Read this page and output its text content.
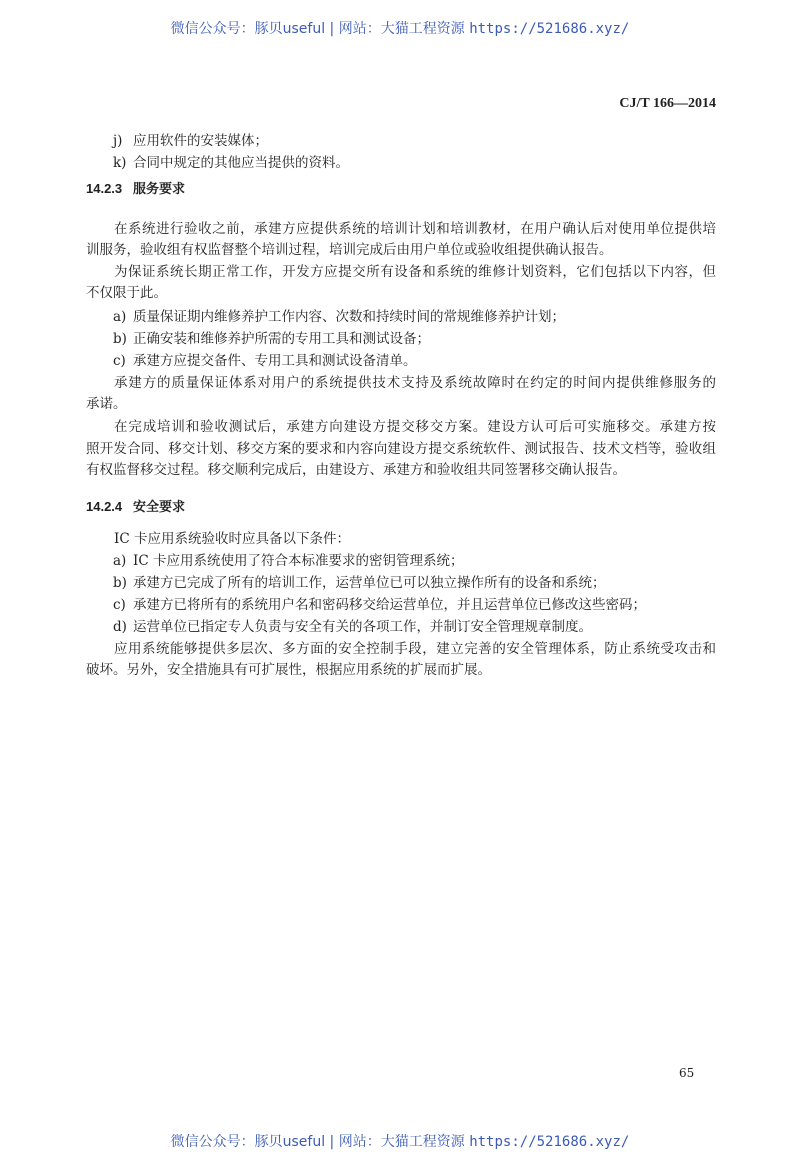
微信公众号：豚贝useful | 网站：大猫工程资源 https://521686.xyz/
CJ/T 166—2014
j) 应用软件的安装媒体；
k) 合同中规定的其他应当提供的资料。
14.2.3 服务要求
在系统进行验收之前，承建方应提供系统的培训计划和培训教材，在用户确认后对使用单位提供培
训服务，验收组有权监督整个培训过程，培训完成后由用户单位或验收组提供确认报告。
为保证系统长期正常工作，开发方应提交所有设备和系统的维修计划资料，它们包括以下内容，但
不仅限于此。
a) 质量保证期内维修养护工作内容、次数和持续时间的常规维修养护计划；
b) 正确安装和维修养护所需的专用工具和测试设备；
c) 承建方应提交备件、专用工具和测试设备清单。
承建方的质量保证体系对用户的系统提供技术支持及系统故障时在约定的时间内提供维修服务的
承诺。
在完成培训和验收测试后，承建方向建设方提交移交方案。建设方认可后可实施移交。承建方按
照开发合同、移交计划、移交方案的要求和内容向建设方提交系统软件、测试报告、技术文档等，验收组
有权监督移交过程。移交顺利完成后，由建设方、承建方和验收组共同签署移交确认报告。
14.2.4 安全要求
IC 卡应用系统验收时应具备以下条件：
a) IC 卡应用系统使用了符合本标准要求的密钥管理系统；
b) 承建方已完成了所有的培训工作，运营单位已可以独立操作所有的设备和系统；
c) 承建方已将所有的系统用户名和密码移交给运营单位，并且运营单位已修改这些密码；
d) 运营单位已指定专人负责与安全有关的各项工作，并制订安全管理规章制度。
应用系统能够提供多层次、多方面的安全控制手段，建立完善的安全管理体系，防止系统受攻击和
破坏。另外，安全措施具有可扩展性，根据应用系统的扩展而扩展。
65
微信公众号：豚贝useful | 网站：大猫工程资源 https://521686.xyz/
